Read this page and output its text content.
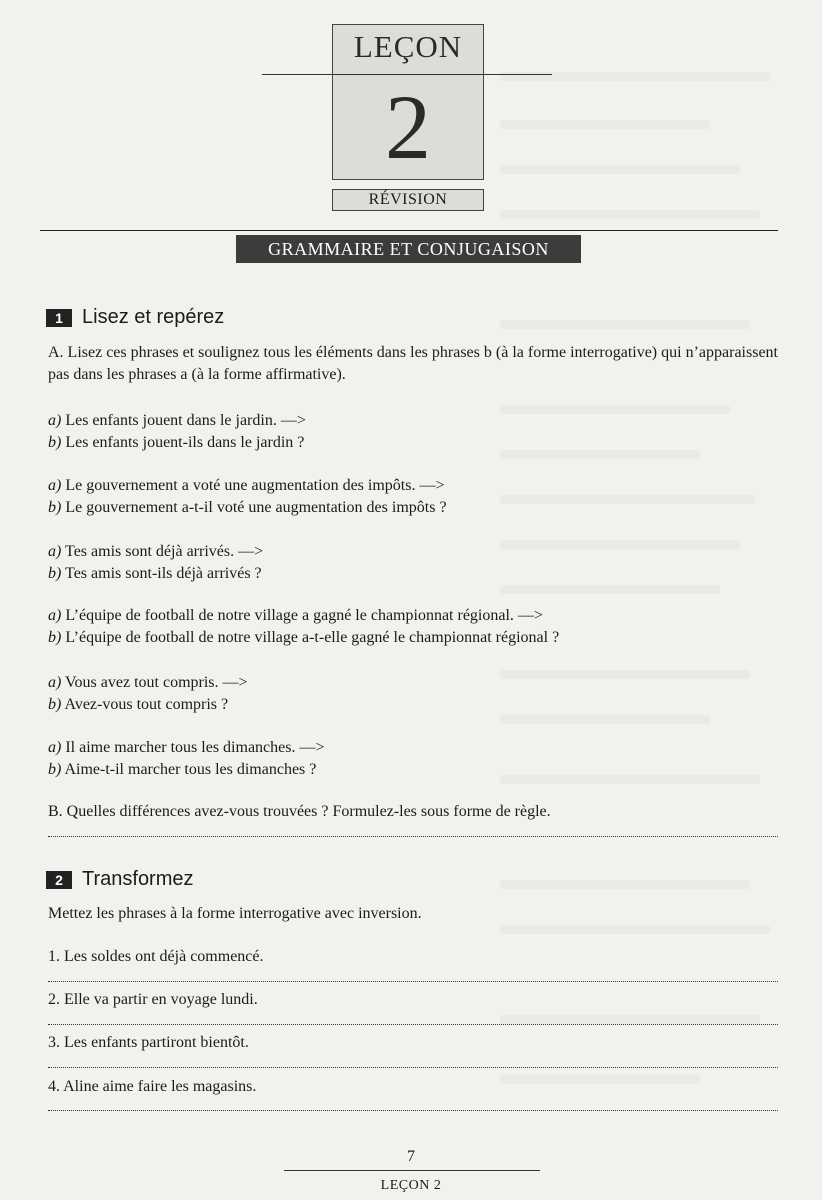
LEÇON
2
RÉVISION
GRAMMAIRE ET CONJUGAISON
1 Lisez et repérez
A. Lisez ces phrases et soulignez tous les éléments dans les phrases b (à la forme interrogative) qui n’apparaissent pas dans les phrases a (à la forme affirmative).
a) Les enfants jouent dans le jardin. —>
b) Les enfants jouent-ils dans le jardin ?
a) Le gouvernement a voté une augmentation des impôts. —>
b) Le gouvernement a-t-il voté une augmentation des impôts ?
a) Tes amis sont déjà arrivés. —>
b) Tes amis sont-ils déjà arrivés ?
a) L’équipe de football de notre village a gagné le championnat régional. —>
b) L’équipe de football de notre village a-t-elle gagné le championnat régional ?
a) Vous avez tout compris. —>
b) Avez-vous tout compris ?
a) Il aime marcher tous les dimanches. —>
b) Aime-t-il marcher tous les dimanches ?
B. Quelles différences avez-vous trouvées ? Formulez-les sous forme de règle.
2 Transformez
Mettez les phrases à la forme interrogative avec inversion.
1. Les soldes ont déjà commencé.
2. Elle va partir en voyage lundi.
3. Les enfants partiront bientôt.
4. Aline aime faire les magasins.
7
LEÇON 2
